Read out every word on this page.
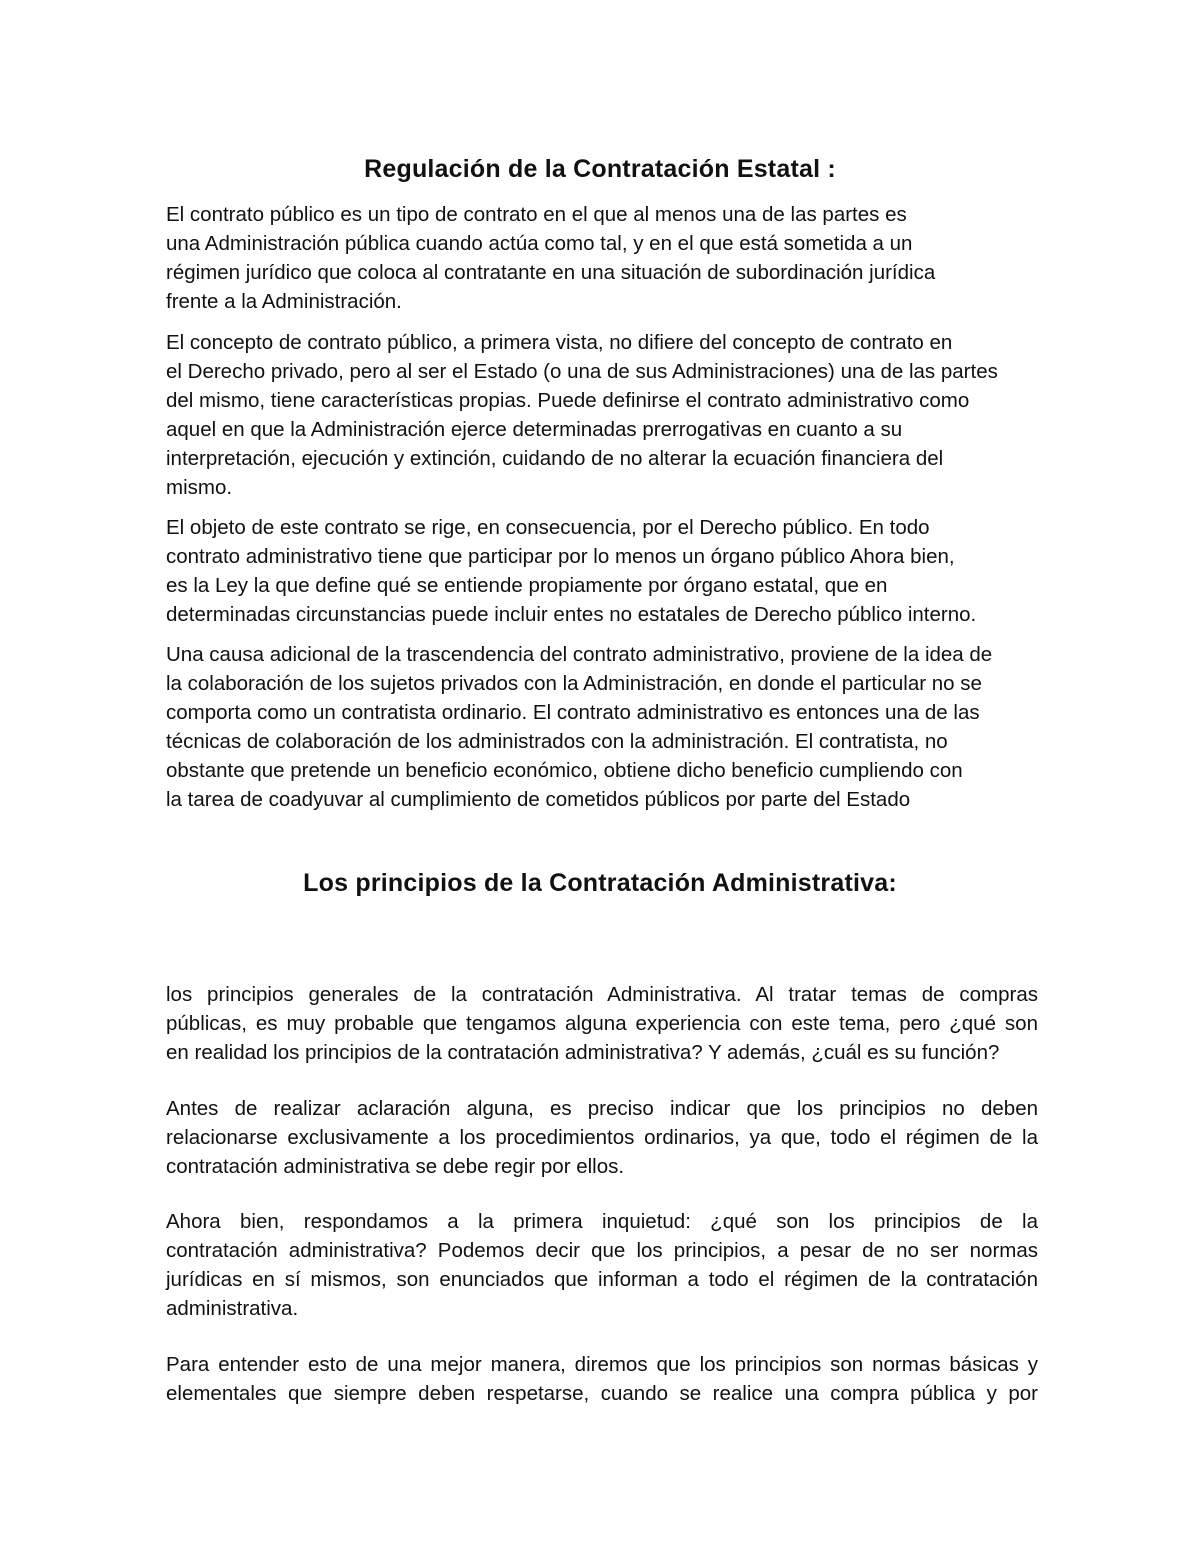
Regulación de la Contratación Estatal :
El contrato público es un tipo de contrato en el que al menos una de las partes es
una Administración pública cuando actúa como tal, y en el que está sometida a un
régimen jurídico que coloca al contratante en una situación de subordinación jurídica
frente a la Administración.
El concepto de contrato público, a primera vista, no difiere del concepto de contrato en
el Derecho privado, pero al ser el Estado (o una de sus Administraciones) una de las partes
del mismo, tiene características propias. Puede definirse el contrato administrativo como
aquel en que la Administración ejerce determinadas prerrogativas en cuanto a su
interpretación, ejecución y extinción, cuidando de no alterar la ecuación financiera del
mismo.
El objeto de este contrato se rige, en consecuencia, por el Derecho público. En todo
contrato administrativo tiene que participar por lo menos un órgano público Ahora bien,
es la Ley la que define qué se entiende propiamente por órgano estatal, que en
determinadas circunstancias puede incluir entes no estatales de Derecho público interno.
Una causa adicional de la trascendencia del contrato administrativo, proviene de la idea de
la colaboración de los sujetos privados con la Administración, en donde el particular no se
comporta como un contratista ordinario. El contrato administrativo es entonces una de las
técnicas de colaboración de los administrados con la administración. El contratista, no
obstante que pretende un beneficio económico, obtiene dicho beneficio cumpliendo con
la tarea de coadyuvar al cumplimiento de cometidos públicos por parte del Estado
Los principios de la Contratación Administrativa:
los principios generales de la contratación Administrativa. Al tratar temas de compras
públicas, es muy probable que tengamos alguna experiencia con este tema, pero ¿qué son
en realidad los principios de la contratación administrativa? Y además, ¿cuál es su función?
Antes de realizar aclaración alguna, es preciso indicar que los principios no deben
relacionarse exclusivamente a los procedimientos ordinarios, ya que, todo el régimen de la
contratación administrativa se debe regir por ellos.
Ahora bien, respondamos a la primera inquietud: ¿qué son los principios de la
contratación administrativa? Podemos decir que los principios, a pesar de no ser normas
jurídicas en sí mismos, son enunciados que informan a todo el régimen de la contratación
administrativa.
Para entender esto de una mejor manera, diremos que los principios son normas básicas y
elementales que siempre deben respetarse, cuando se realice una compra pública y por
